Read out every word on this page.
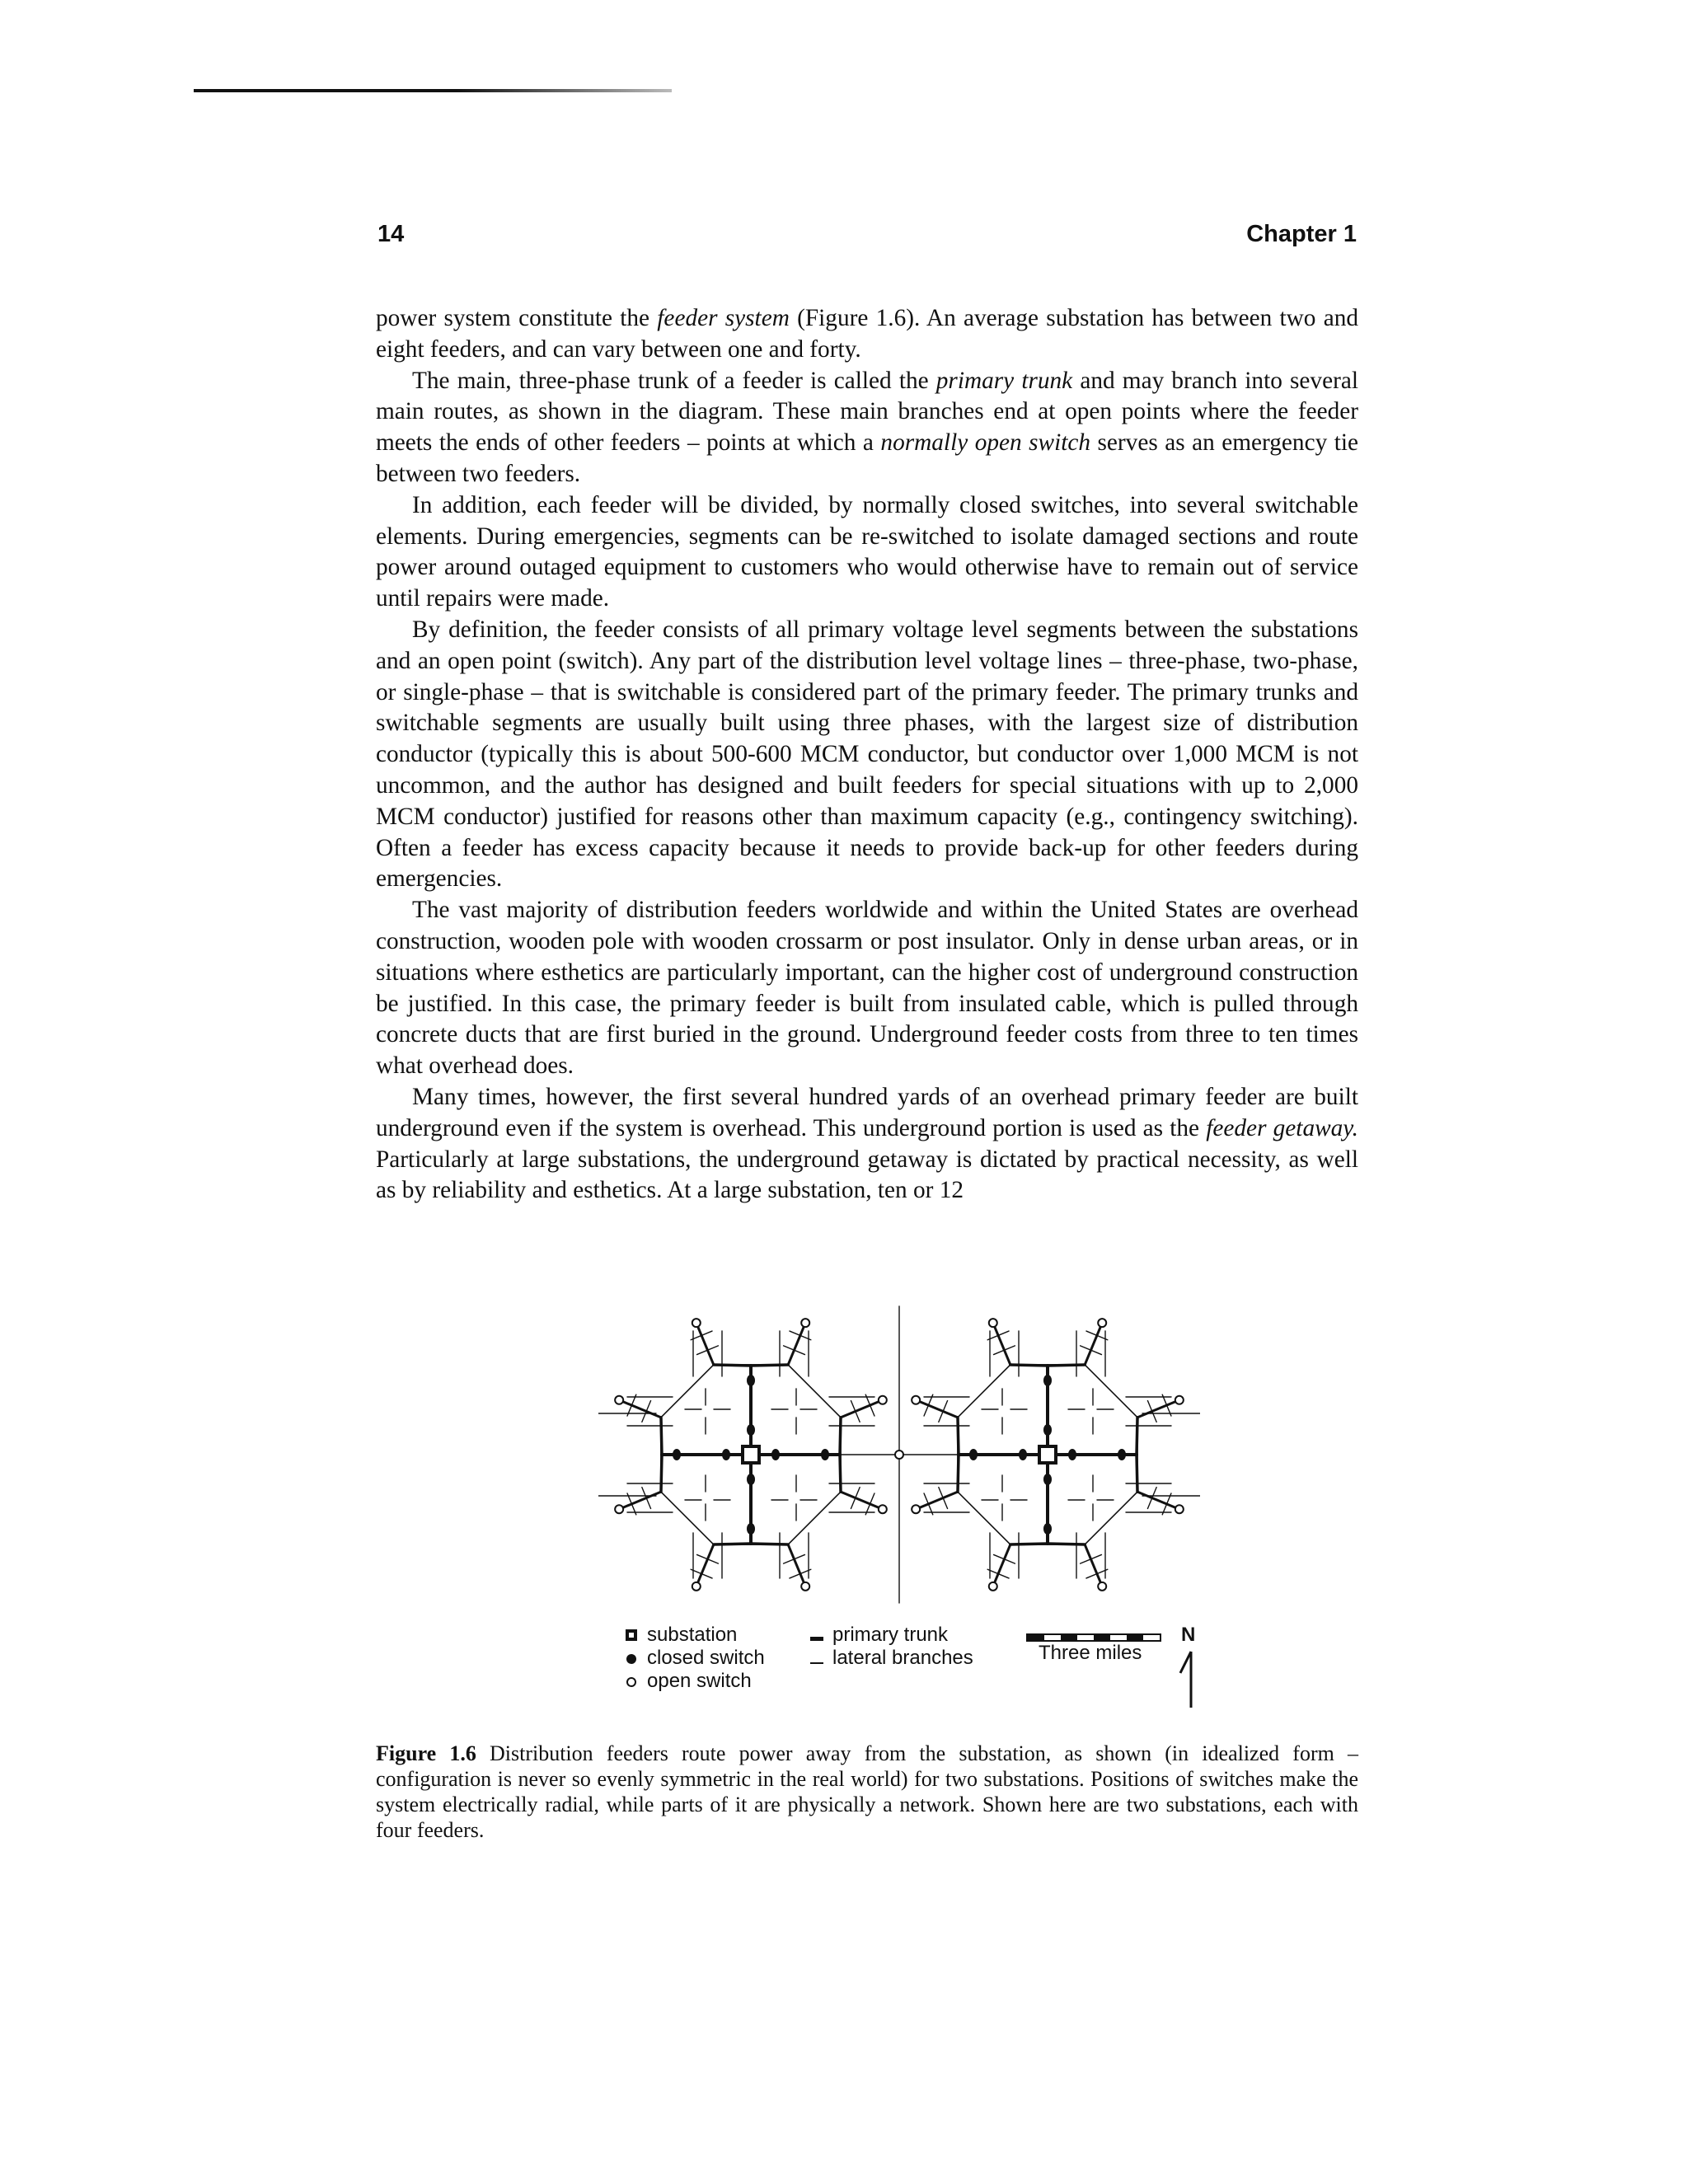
14	Chapter 1

power system constitute the feeder system (Figure 1.6). An average substation has between two and eight feeders, and can vary between one and forty.

The main, three-phase trunk of a feeder is called the primary trunk and may branch into several main routes, as shown in the diagram. These main branches end at open points where the feeder meets the ends of other feeders – points at which a normally open switch serves as an emergency tie between two feeders.

In addition, each feeder will be divided, by normally closed switches, into several switchable elements. During emergencies, segments can be re-switched to isolate damaged sections and route power around outaged equipment to customers who would otherwise have to remain out of service until repairs were made.

By definition, the feeder consists of all primary voltage level segments between the substations and an open point (switch). Any part of the distribution level voltage lines – three-phase, two-phase, or single-phase – that is switchable is considered part of the primary feeder. The primary trunks and switchable segments are usually built using three phases, with the largest size of distribution conductor (typically this is about 500-600 MCM conductor, but conductor over 1,000 MCM is not uncommon, and the author has designed and built feeders for special situations with up to 2,000 MCM conductor) justified for reasons other than maximum capacity (e.g., contingency switching). Often a feeder has excess capacity because it needs to provide back-up for other feeders during emergencies.

The vast majority of distribution feeders worldwide and within the United States are overhead construction, wooden pole with wooden crossarm or post insulator. Only in dense urban areas, or in situations where esthetics are particularly important, can the higher cost of underground construction be justified. In this case, the primary feeder is built from insulated cable, which is pulled through concrete ducts that are first buried in the ground. Underground feeder costs from three to ten times what overhead does.

Many times, however, the first several hundred yards of an overhead primary feeder are built underground even if the system is overhead. This underground portion is used as the feeder getaway. Particularly at large substations, the underground getaway is dictated by practical necessity, as well as by reliability and esthetics. At a large substation, ten or 12

substation
closed switch
open switch
primary trunk
lateral branches	Three miles
N
Figure 1.6 Distribution feeders route power away from the substation, as shown (in idealized form – configuration is never so evenly symmetric in the real world) for two substations. Positions of switches make the system electrically radial, while parts of it are physically a network. Shown here are two substations, each with four feeders.
